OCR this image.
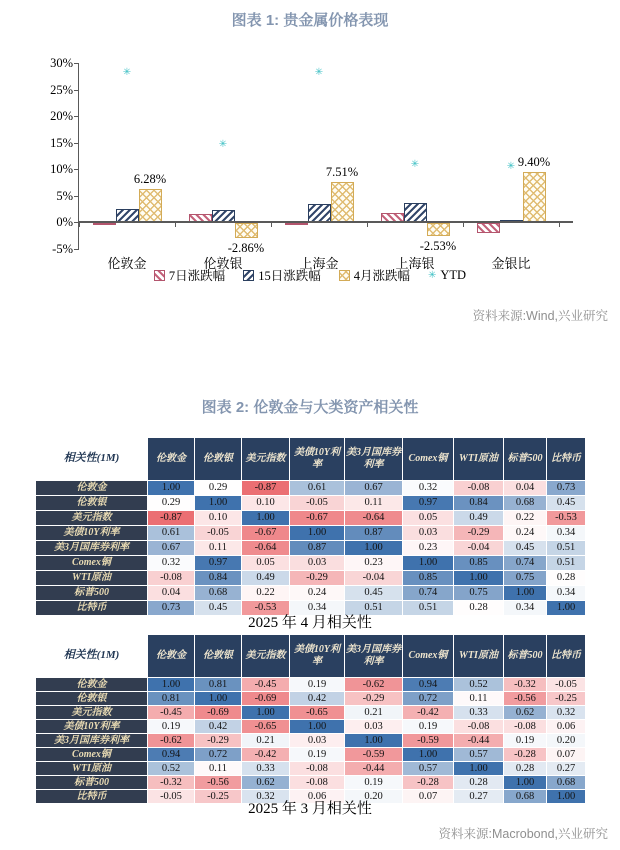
图表 1: 贵金属价格表现
30%
25%
20%
15%
10%
5%
0%
-5%
6.28%
✳
伦敦金
-2.86%
✳
伦敦银
7.51%
✳
上海金
-2.53%
✳
上海银
9.40%
✳
金银比
7日涨跌幅	15日涨跌幅	4月涨跌幅 ✳ YTD
资料来源:Wind,兴业研究
图表 2: 伦敦金与大类资产相关性
相关性(1M)	伦敦金	伦敦银	美元指数	美债10Y利率	美3月国库券利率	Comex铜	WTI原油	标普500	比特币
伦敦金	1.00	0.29	-0.87	0.61	0.67	0.32	-0.08	0.04	0.73
伦敦银	0.29	1.00	0.10	-0.05	0.11	0.97	0.84	0.68	0.45
美元指数	-0.87	0.10	1.00	-0.67	-0.64	0.05	0.49	0.22	-0.53
美债10Y利率	0.61	-0.05	-0.67	1.00	0.87	0.03	-0.29	0.24	0.34
美3月国库券利率	0.67	0.11	-0.64	0.87	1.00	0.23	-0.04	0.45	0.51
Comex铜	0.32	0.97	0.05	0.03	0.23	1.00	0.85	0.74	0.51
WTI原油	-0.08	0.84	0.49	-0.29	-0.04	0.85	1.00	0.75	0.28
标普500	0.04	0.68	0.22	0.24	0.45	0.74	0.75	1.00	0.34
比特币	0.73	0.45	-0.53	0.34	0.51	0.51	0.28	0.34	1.00
2025 年 4 月相关性
相关性(1M)	伦敦金	伦敦银	美元指数	美债10Y利率	美3月国库券利率	Comex铜	WTI原油	标普500	比特币
伦敦金	1.00	0.81	-0.45	0.19	-0.62	0.94	0.52	-0.32	-0.05
伦敦银	0.81	1.00	-0.69	0.42	-0.29	0.72	0.11	-0.56	-0.25
美元指数	-0.45	-0.69	1.00	-0.65	0.21	-0.42	0.33	0.62	0.32
美债10Y利率	0.19	0.42	-0.65	1.00	0.03	0.19	-0.08	-0.08	0.06
美3月国库券利率	-0.62	-0.29	0.21	0.03	1.00	-0.59	-0.44	0.19	0.20
Comex铜	0.94	0.72	-0.42	0.19	-0.59	1.00	0.57	-0.28	0.07
WTI原油	0.52	0.11	0.33	-0.08	-0.44	0.57	1.00	0.28	0.27
标普500	-0.32	-0.56	0.62	-0.08	0.19	-0.28	0.28	1.00	0.68
比特币	-0.05	-0.25	0.32	0.06	0.20	0.07	0.27	0.68	1.00
2025 年 3 月相关性
资料来源:Macrobond,兴业研究
